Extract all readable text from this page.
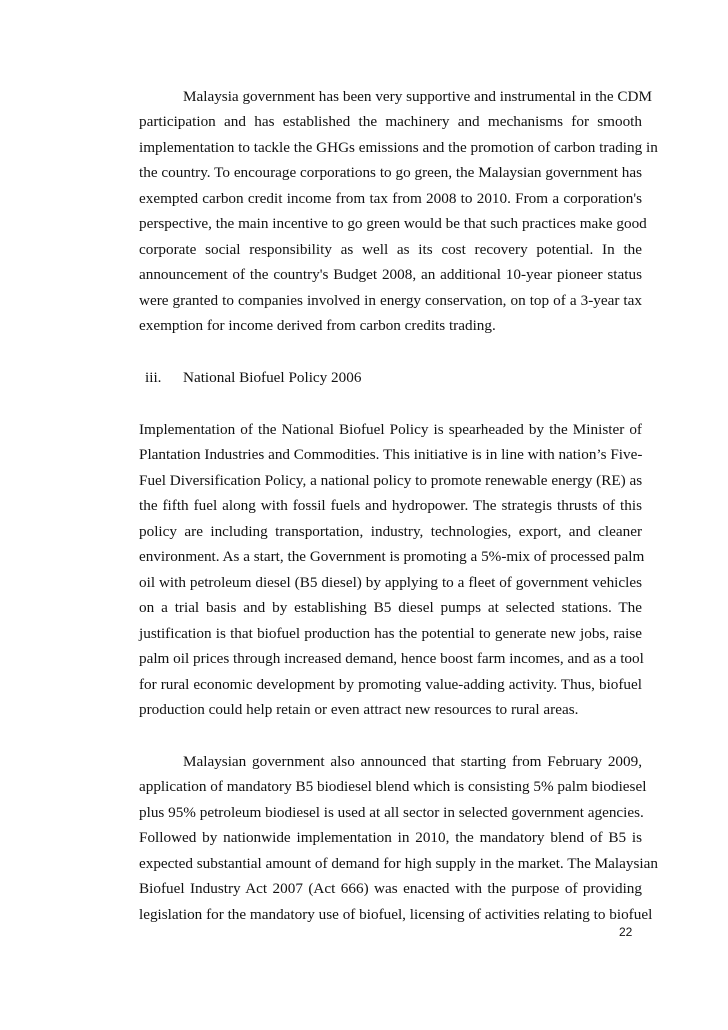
Malaysia government has been very supportive and instrumental in the CDM
participation and has established the machinery and mechanisms for smooth
implementation to tackle the GHGs emissions and the promotion of carbon trading in
the country. To encourage corporations to go green, the Malaysian government has
exempted carbon credit income from tax from 2008 to 2010. From a corporation's
perspective, the main incentive to go green would be that such practices make good
corporate social responsibility as well as its cost recovery potential. In the
announcement of the country's Budget 2008, an additional 10-year pioneer status
were granted to companies involved in energy conservation, on top of a 3-year tax
exemption for income derived from carbon credits trading.
iii. National Biofuel Policy 2006
Implementation of the National Biofuel Policy is spearheaded by the Minister of
Plantation Industries and Commodities. This initiative is in line with nation’s Five-
Fuel Diversification Policy, a national policy to promote renewable energy (RE) as
the fifth fuel along with fossil fuels and hydropower. The strategis thrusts of this
policy are including transportation, industry, technologies, export, and cleaner
environment. As a start, the Government is promoting a 5%-mix of processed palm
oil with petroleum diesel (B5 diesel) by applying to a fleet of government vehicles
on a trial basis and by establishing B5 diesel pumps at selected stations. The
justification is that biofuel production has the potential to generate new jobs, raise
palm oil prices through increased demand, hence boost farm incomes, and as a tool
for rural economic development by promoting value-adding activity. Thus, biofuel
production could help retain or even attract new resources to rural areas.
Malaysian government also announced that starting from February 2009,
application of mandatory B5 biodiesel blend which is consisting 5% palm biodiesel
plus 95% petroleum biodiesel is used at all sector in selected government agencies.
Followed by nationwide implementation in 2010, the mandatory blend of B5 is
expected substantial amount of demand for high supply in the market. The Malaysian
Biofuel Industry Act 2007 (Act 666) was enacted with the purpose of providing
legislation for the mandatory use of biofuel, licensing of activities relating to biofuel
22
